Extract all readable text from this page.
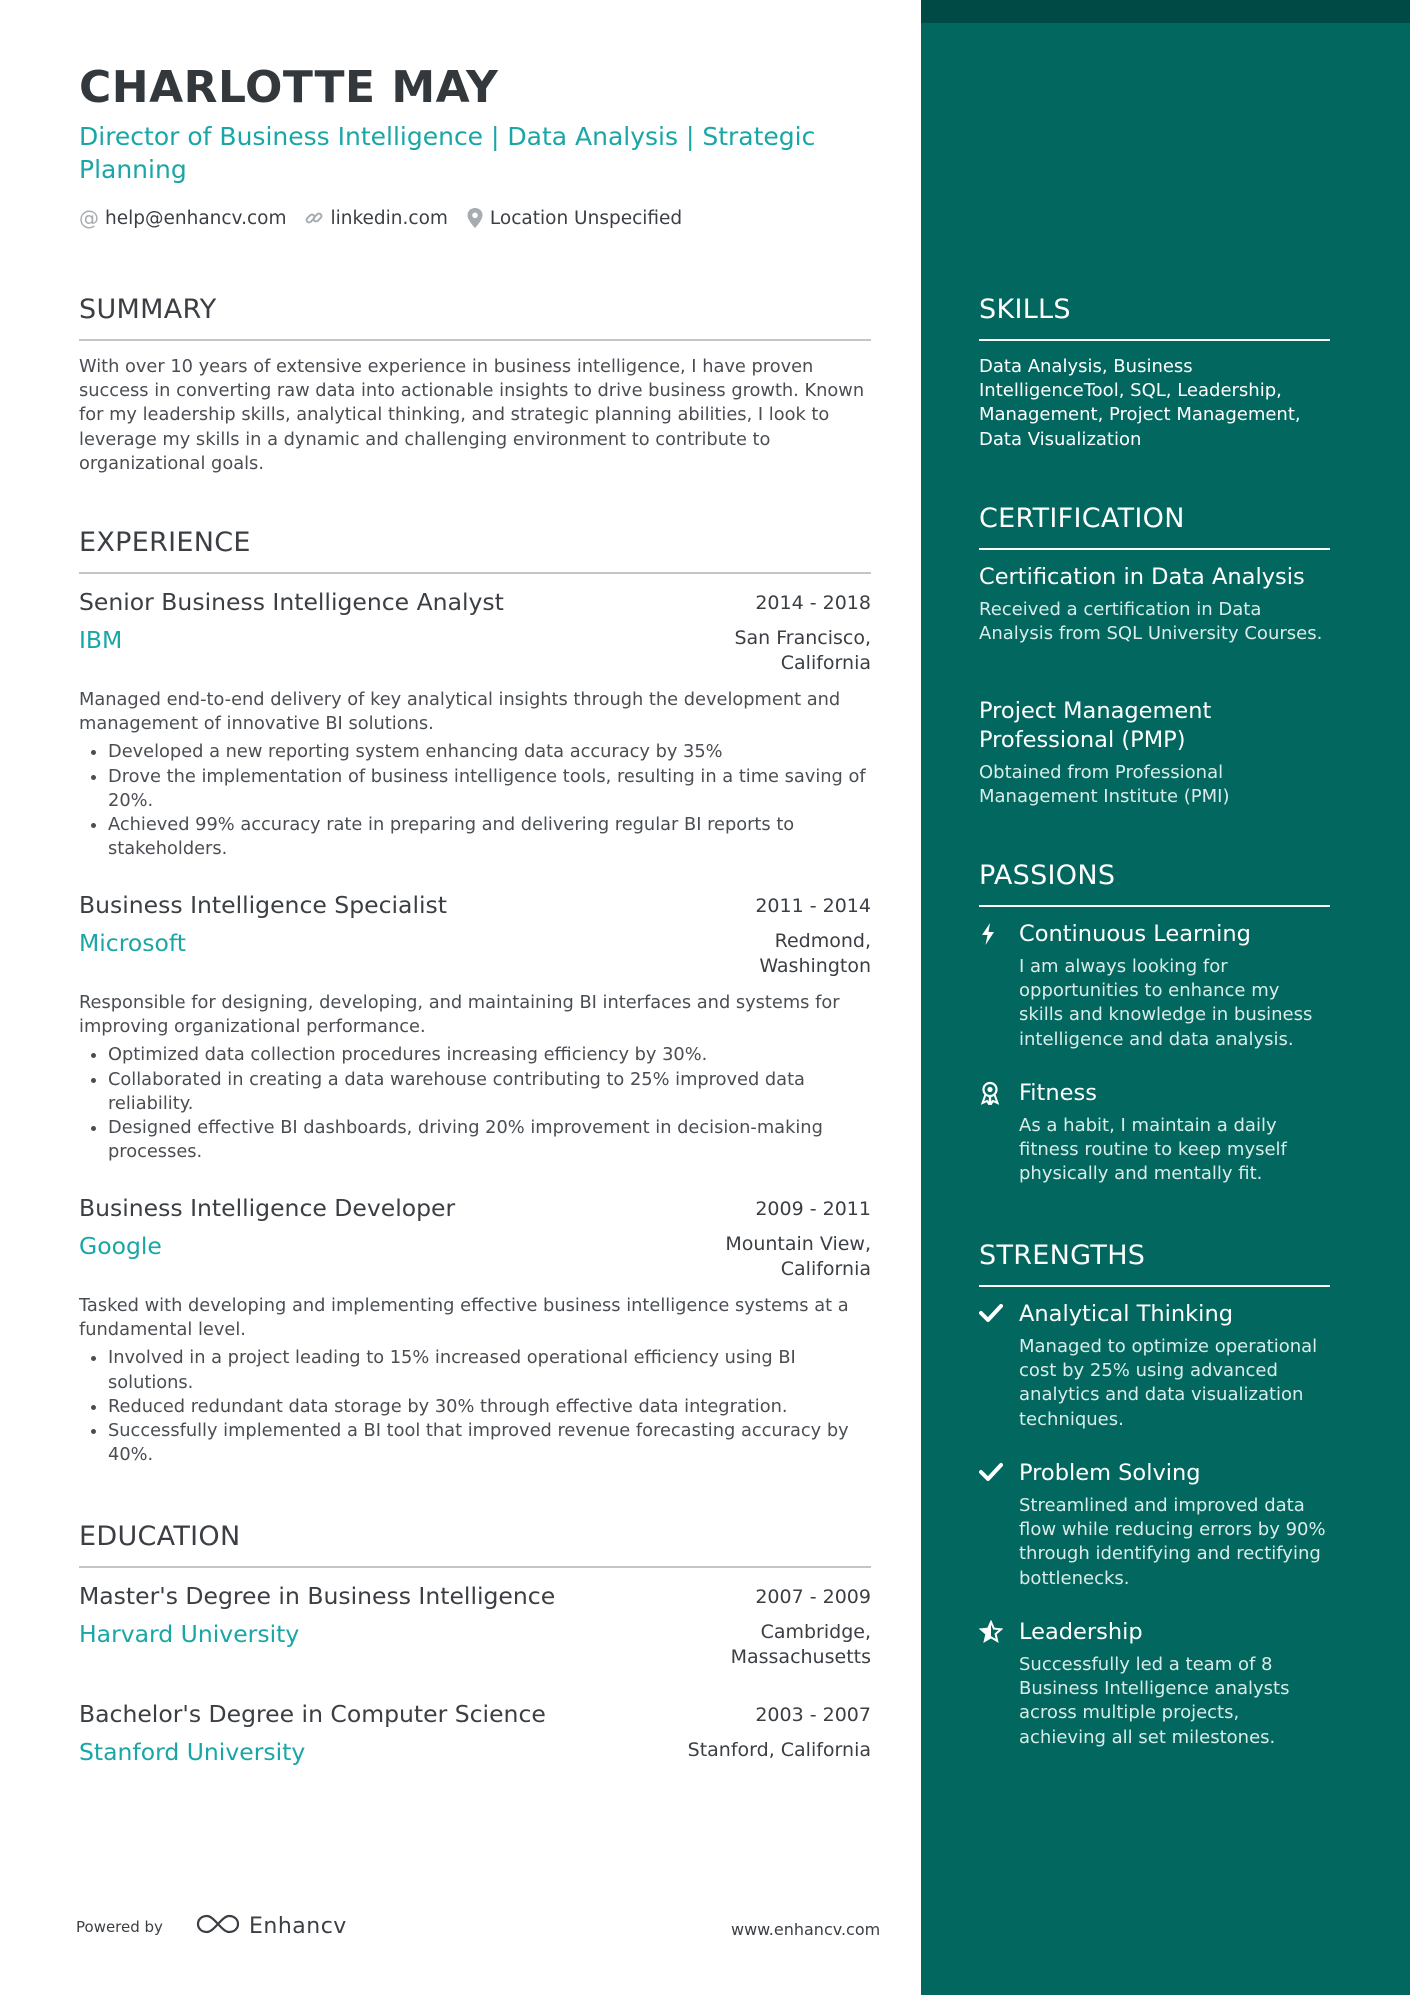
CHARLOTTE MAY
Director of Business Intelligence | Data Analysis | Strategic Planning
@ help@enhancv.com linkedin.com Location Unspecified
SUMMARY
With over 10 years of extensive experience in business intelligence, I have proven success in converting raw data into actionable insights to drive business growth. Known for my leadership skills, analytical thinking, and strategic planning abilities, I look to leverage my skills in a dynamic and challenging environment to contribute to organizational goals.
EXPERIENCE
Senior Business Intelligence Analyst	2014 - 2018
IBM	San Francisco,
California
Managed end-to-end delivery of key analytical insights through the development and management of innovative BI solutions.
• Developed a new reporting system enhancing data accuracy by 35%
• Drove the implementation of business intelligence tools, resulting in a time saving of 20%.
• Achieved 99% accuracy rate in preparing and delivering regular BI reports to stakeholders.
Business Intelligence Specialist	2011 - 2014
Microsoft	Redmond,
Washington
Responsible for designing, developing, and maintaining BI interfaces and systems for improving organizational performance.
• Optimized data collection procedures increasing efficiency by 30%.
• Collaborated in creating a data warehouse contributing to 25% improved data reliability.
• Designed effective BI dashboards, driving 20% improvement in decision-making processes.
Business Intelligence Developer	2009 - 2011
Google	Mountain View,
California
Tasked with developing and implementing effective business intelligence systems at a fundamental level.
• Involved in a project leading to 15% increased operational efficiency using BI solutions.
• Reduced redundant data storage by 30% through effective data integration.
• Successfully implemented a BI tool that improved revenue forecasting accuracy by 40%.
EDUCATION
Master's Degree in Business Intelligence	2007 - 2009
Harvard University	Cambridge,
Massachusetts
Bachelor's Degree in Computer Science	2003 - 2007
Stanford University	Stanford, California
Powered by	Enhancv	www.enhancv.com
SKILLS
Data Analysis, Business IntelligenceTool, SQL, Leadership, Management, Project Management, Data Visualization
CERTIFICATION
Certification in Data Analysis
Received a certification in Data Analysis from SQL University Courses.
Project Management Professional (PMP)
Obtained from Professional Management Institute (PMI)
PASSIONS
Continuous Learning
I am always looking for opportunities to enhance my skills and knowledge in business intelligence and data analysis.
Fitness
As a habit, I maintain a daily fitness routine to keep myself physically and mentally fit.
STRENGTHS
Analytical Thinking
Managed to optimize operational cost by 25% using advanced analytics and data visualization techniques.
Problem Solving
Streamlined and improved data flow while reducing errors by 90% through identifying and rectifying bottlenecks.
Leadership
Successfully led a team of 8 Business Intelligence analysts across multiple projects, achieving all set milestones.
